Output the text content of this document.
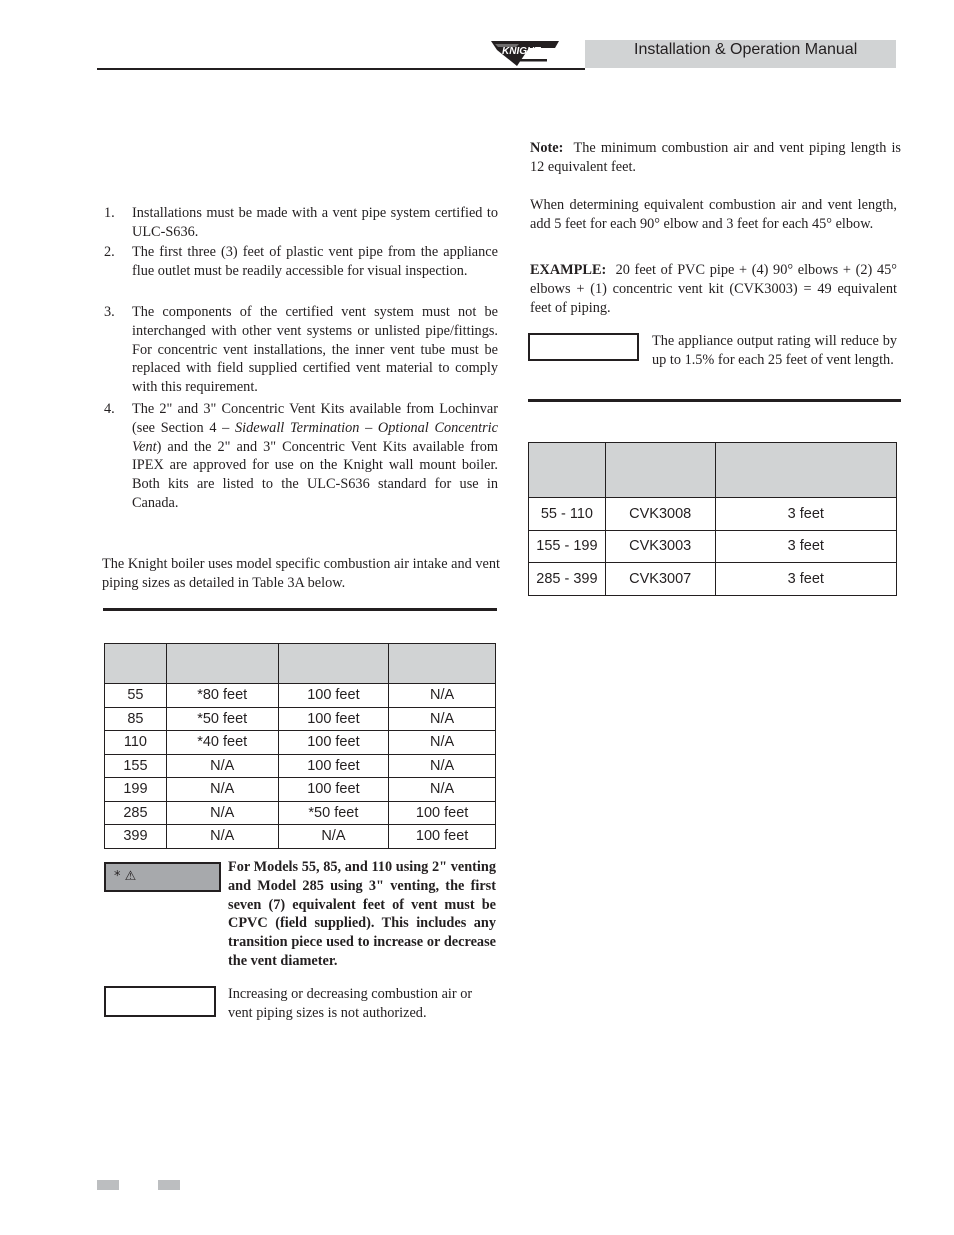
KNIGHT	Installation & Operation Manual
1.	Installations must be made with a vent pipe system certified to ULC-S636.
2.	The first three (3) feet of plastic vent pipe from the appliance flue outlet must be readily accessible for visual inspection.
3.	The components of the certified vent system must not be interchanged with other vent systems or unlisted pipe/fittings. For concentric vent installations, the inner vent tube must be replaced with field supplied certified vent material to comply with this requirement.
4.	The 2" and 3" Concentric Vent Kits available from Lochinvar (see Section 4 – Sidewall Termination – Optional Concentric Vent) and the 2" and 3" Concentric Vent Kits available from IPEX are approved for use on the Knight wall mount boiler. Both kits are listed to the ULC-S636 standard for use in Canada.
The Knight boiler uses model specific combustion air intake and vent piping sizes as detailed in Table 3A below.

55	*80 feet	100 feet	N/A
85	*50 feet	100 feet	N/A
110	*40 feet	100 feet	N/A
155	N/A	100 feet	N/A
199	N/A	100 feet	N/A
285	N/A	*50 feet	100 feet
399	N/A	N/A	100 feet
* ⚠
For Models 55, 85, and 110 using 2" venting and Model 285 using 3" venting, the first seven (7) equivalent feet of vent must be CPVC (field supplied). This includes any transition piece used to increase or decrease the vent diameter.
Increasing or decreasing combustion air or vent piping sizes is not authorized.
Note: The minimum combustion air and vent piping length is 12 equivalent feet.
When determining equivalent combustion air and vent length, add 5 feet for each 90° elbow and 3 feet for each 45° elbow.
EXAMPLE: 20 feet of PVC pipe + (4) 90° elbows + (2) 45° elbows + (1) concentric vent kit (CVK3003) = 49 equivalent feet of piping.
The appliance output rating will reduce by up to 1.5% for each 25 feet of vent length.

55 - 110	CVK3008	3 feet
155 - 199	CVK3003	3 feet
285 - 399	CVK3007	3 feet
